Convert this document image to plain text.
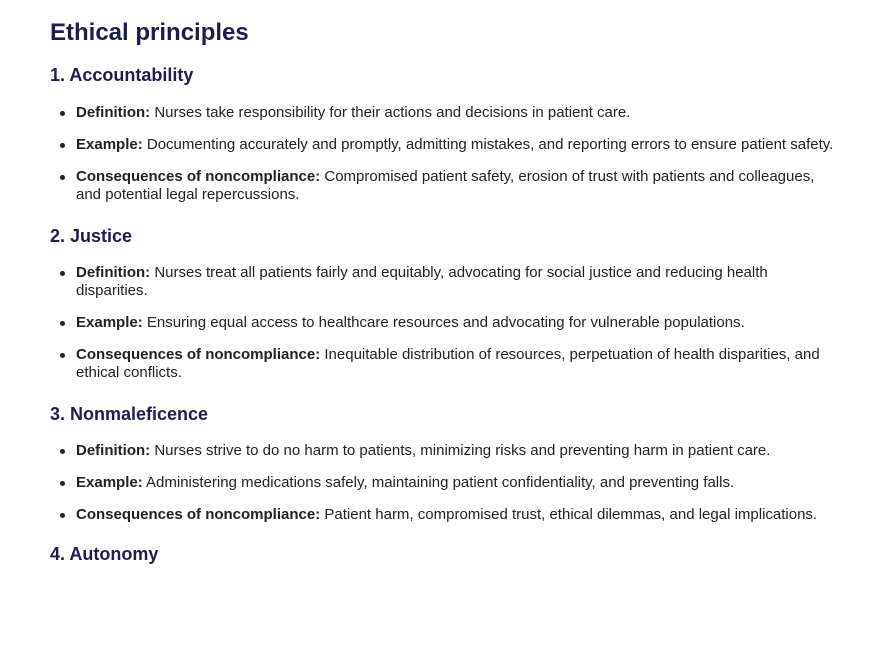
Ethical principles
1. Accountability
Definition: Nurses take responsibility for their actions and decisions in patient care.
Example: Documenting accurately and promptly, admitting mistakes, and reporting errors to ensure patient safety.
Consequences of noncompliance: Compromised patient safety, erosion of trust with patients and colleagues, and potential legal repercussions.
2. Justice
Definition: Nurses treat all patients fairly and equitably, advocating for social justice and reducing health disparities.
Example: Ensuring equal access to healthcare resources and advocating for vulnerable populations.
Consequences of noncompliance: Inequitable distribution of resources, perpetuation of health disparities, and ethical conflicts.
3. Nonmaleficence
Definition: Nurses strive to do no harm to patients, minimizing risks and preventing harm in patient care.
Example: Administering medications safely, maintaining patient confidentiality, and preventing falls.
Consequences of noncompliance: Patient harm, compromised trust, ethical dilemmas, and legal implications.
4. Autonomy
